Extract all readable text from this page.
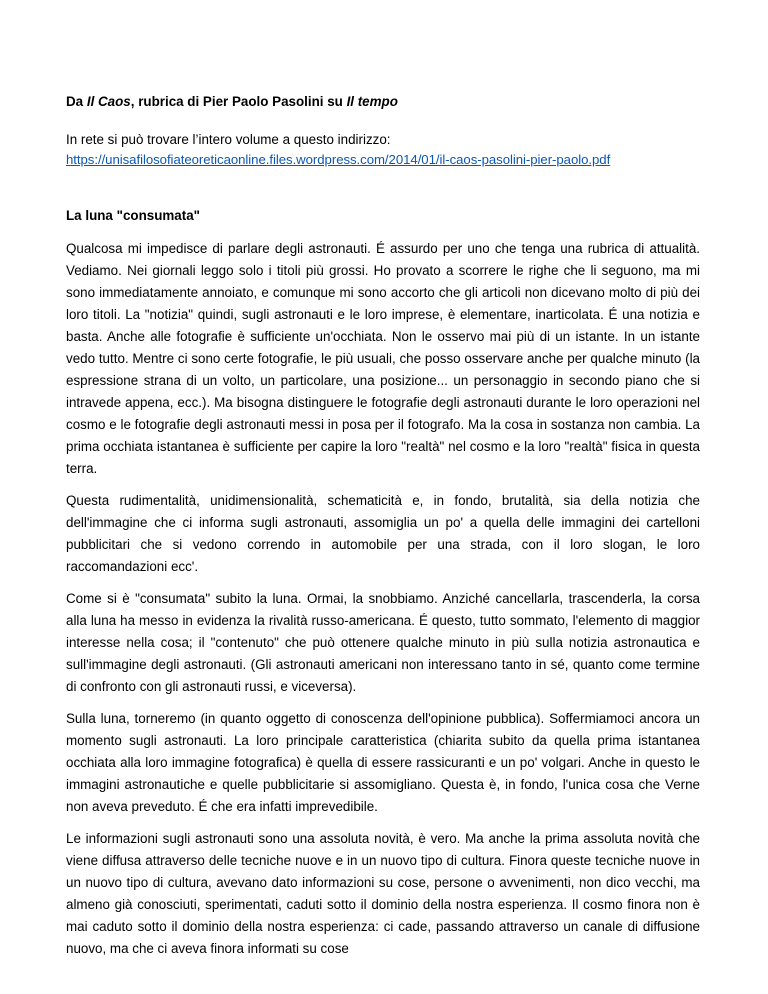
Da Il Caos, rubrica di Pier Paolo Pasolini su Il tempo

In rete si può trovare l’intero volume a questo indirizzo:

https://unisafilosofiateoreticaonline.files.wordpress.com/2014/01/il-caos-pasolini-pier-paolo.pdf

La luna "consumata"

Qualcosa mi impedisce di parlare degli astronauti. É assurdo per uno che tenga una rubrica di attualità. Vediamo. Nei giornali leggo solo i titoli più grossi. Ho provato a scorrere le righe che li seguono, ma mi sono immediatamente annoiato, e comunque mi sono accorto che gli articoli non dicevano molto di più dei loro titoli. La "notizia" quindi, sugli astronauti e le loro imprese, è elementare, inarticolata. É una notizia e basta. Anche alle fotografie è sufficiente un'occhiata. Non le osservo mai più di un istante. In un istante vedo tutto. Mentre ci sono certe fotografie, le più usuali, che posso osservare anche per qualche minuto (la espressione strana di un volto, un particolare, una posizione... un personaggio in secondo piano che si intravede appena, ecc.). Ma bisogna distinguere le fotografie degli astronauti durante le loro operazioni nel cosmo e le fotografie degli astronauti messi in posa per il fotografo. Ma la cosa in sostanza non cambia. La prima occhiata istantanea è sufficiente per capire la loro "realtà" nel cosmo e la loro "realtà" fisica in questa terra.

Questa rudimentalità, unidimensionalità, schematicità e, in fondo, brutalità, sia della notizia che dell'immagine che ci informa sugli astronauti, assomiglia un po' a quella delle immagini dei cartelloni pubblicitari che si vedono correndo in automobile per una strada, con il loro slogan, le loro raccomandazioni ecc'.

Come si è "consumata" subito la luna. Ormai, la snobbiamo. Anziché cancellarla, trascenderla, la corsa alla luna ha messo in evidenza la rivalità russo-americana. É questo, tutto sommato, l'elemento di maggior interesse nella cosa; il "contenuto" che può ottenere qualche minuto in più sulla notizia astronautica e sull'immagine degli astronauti. (Gli astronauti americani non interessano tanto in sé, quanto come termine di confronto con gli astronauti russi, e viceversa).

Sulla luna, torneremo (in quanto oggetto di conoscenza dell'opinione pubblica). Soffermiamoci ancora un momento sugli astronauti. La loro principale caratteristica (chiarita subito da quella prima istantanea occhiata alla loro immagine fotografica) è quella di essere rassicuranti e un po' volgari. Anche in questo le immagini astronautiche e quelle pubblicitarie si assomigliano. Questa è, in fondo, l'unica cosa che Verne non aveva preveduto. É che era infatti imprevedibile.

Le informazioni sugli astronauti sono una assoluta novità, è vero. Ma anche la prima assoluta novità che viene diffusa attraverso delle tecniche nuove e in un nuovo tipo di cultura. Finora queste tecniche nuove in un nuovo tipo di cultura, avevano dato informazioni su cose, persone o avvenimenti, non dico vecchi, ma almeno già conosciuti, sperimentati, caduti sotto il dominio della nostra esperienza. Il cosmo finora non è mai caduto sotto il dominio della nostra esperienza: ci cade, passando attraverso un canale di diffusione nuovo, ma che ci aveva finora informati su cose
